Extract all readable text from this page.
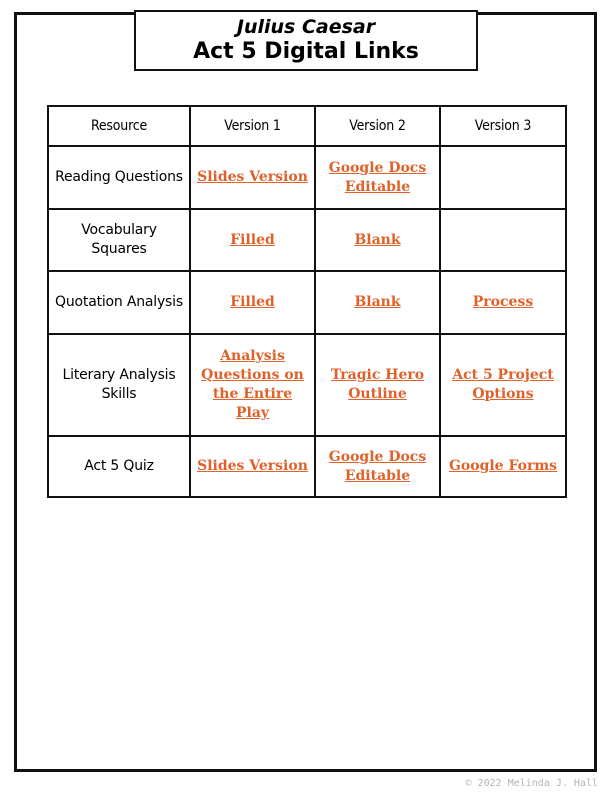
Julius Caesar
Act 5 Digital Links
Resource	Version 1	Version 2	Version 3
Reading Questions	Slides Version	Google Docs Editable	
Vocabulary Squares	Filled	Blank	
Quotation Analysis	Filled	Blank	Process
Literary Analysis Skills	Analysis Questions on the Entire Play	Tragic Hero Outline	Act 5 Project Options
Act 5 Quiz	Slides Version	Google Docs Editable	Google Forms
© 2022 Melinda J. Hall
